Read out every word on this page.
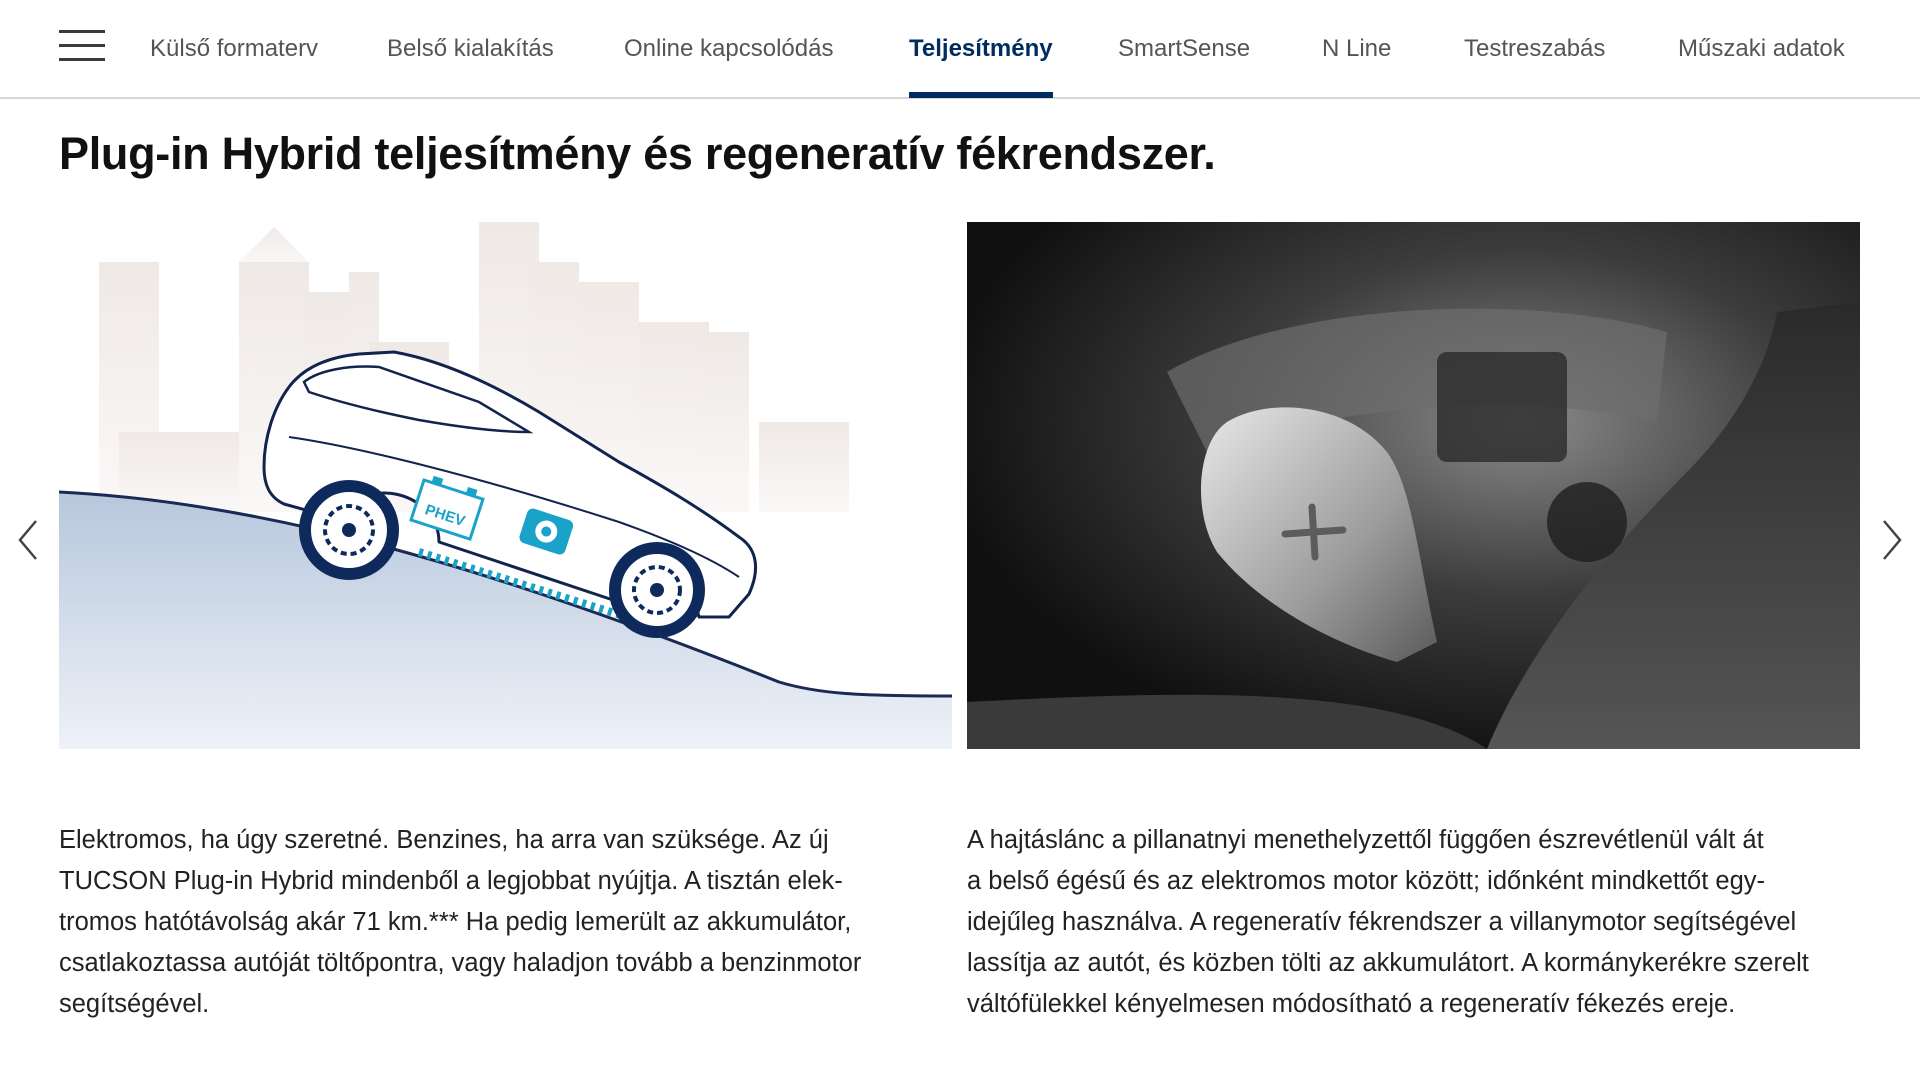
Külső formaterv	Belső kialakítás	Online kapcsolódás	Teljesítmény	SmartSense	N Line	Testreszabás	Műszaki adatok
Plug-in Hybrid teljesítmény és regeneratív fékrendszer.
PHEV

Elektromos, ha úgy szeretné. Benzines, ha arra van szüksége. Az új
TUCSON Plug-in Hybrid mindenből a legjobbat nyújtja. A tisztán elek-
tromos hatótávolság akár 71 km.*** Ha pedig lemerült az akkumulátor,
csatlakoztassa autóját töltőpontra, vagy haladjon tovább a benzinmotor
segítségével.

A hajtáslánc a pillanatnyi menethelyzettől függően észrevétlenül vált át
a belső égésű és az elektromos motor között; időnként mindkettőt egy-
idejűleg használva. A regeneratív fékrendszer a villanymotor segítségével
lassítja az autót, és közben tölti az akkumulátort. A kormánykerékre szerelt
váltófülekkel kényelmesen módosítható a regeneratív fékezés ereje.
